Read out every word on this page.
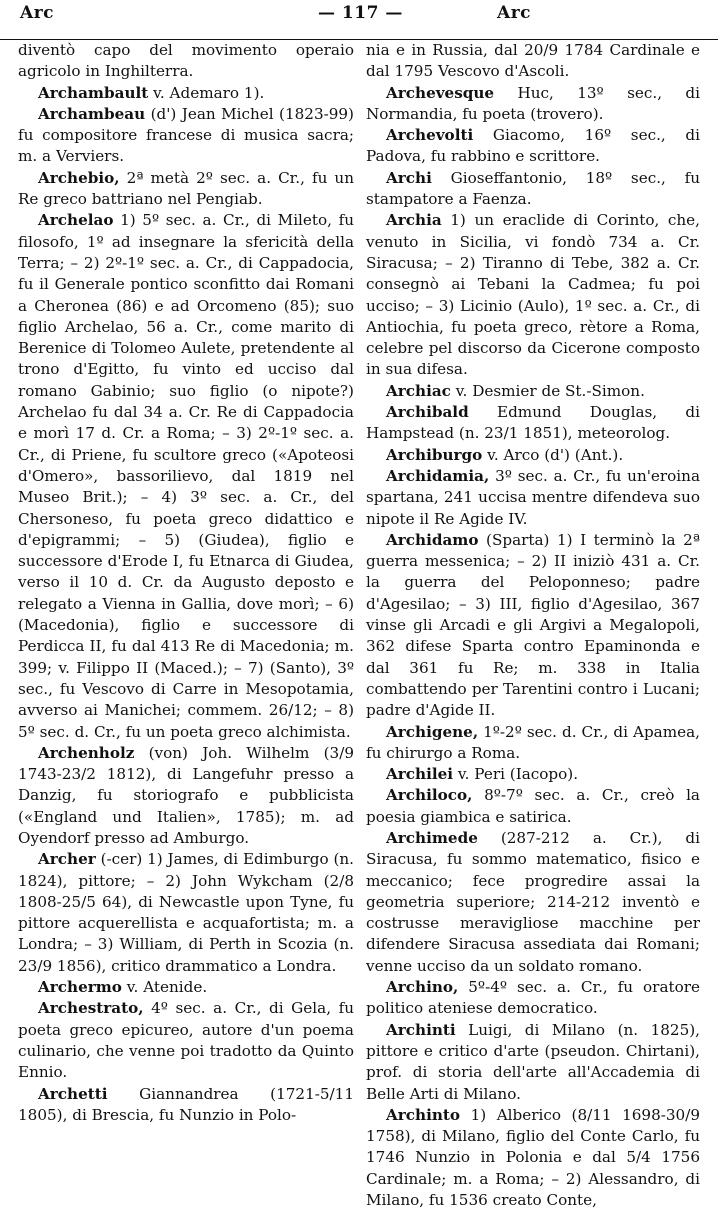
Arc	— 117 —	Arc

diventò capo del movimento operaio agricolo in Inghilterra.

Archambault v. Ademaro 1).

Archambeau (d') Jean Michel (1823-99) fu compositore francese di musica sacra; m. a Verviers.

Archebio, 2ª metà 2º sec. a. Cr., fu un Re greco battriano nel Pengiab.

Archelao 1) 5º sec. a. Cr., di Mileto, fu filosofo, 1º ad insegnare la sfericità della Terra; – 2) 2º-1º sec. a. Cr., di Cappadocia, fu il Generale pontico sconfitto dai Romani a Cheronea (86) e ad Orcomeno (85); suo figlio Archelao, 56 a. Cr., come marito di Berenice di Tolomeo Aulete, pretendente al trono d'Egitto, fu vinto ed ucciso dal romano Gabinio; suo figlio (o nipote?) Archelao fu dal 34 a. Cr. Re di Cappadocia e morì 17 d. Cr. a Roma; – 3) 2º-1º sec. a. Cr., di Priene, fu scultore greco («Apoteosi d'Omero», bassorilievo, dal 1819 nel Museo Brit.); – 4) 3º sec. a. Cr., del Chersoneso, fu poeta greco didattico e d'epigrammi; – 5) (Giudea), figlio e successore d'Erode I, fu Etnarca di Giudea, verso il 10 d. Cr. da Augusto deposto e relegato a Vienna in Gallia, dove morì; – 6) (Macedonia), figlio e successore di Perdicca II, fu dal 413 Re di Macedonia; m. 399; v. Filippo II (Maced.); – 7) (Santo), 3º sec., fu Vescovo di Carre in Mesopotamia, avverso ai Manichei; commem. 26/12; – 8) 5º sec. d. Cr., fu un poeta greco alchimista.

Archenholz (von) Joh. Wilhelm (3/9 1743-23/2 1812), di Langefuhr presso a Danzig, fu storiografo e pubblicista («England und Italien», 1785); m. ad Oyendorf presso ad Amburgo.

Archer (-cer) 1) James, di Edimburgo (n. 1824), pittore; – 2) John Wykcham (2/8 1808-25/5 64), di Newcastle upon Tyne, fu pittore acquerellista e acquafortista; m. a Londra; – 3) William, di Perth in Scozia (n. 23/9 1856), critico drammatico a Londra.

Archermo v. Atenide.

Archestrato, 4º sec. a. Cr., di Gela, fu poeta greco epicureo, autore d'un poema culinario, che venne poi tradotto da Quinto Ennio.

Archetti Giannandrea (1721-5/11 1805), di Brescia, fu Nunzio in Polo-

nia e in Russia, dal 20/9 1784 Cardinale e dal 1795 Vescovo d'Ascoli.

Archevesque Huc, 13º sec., di Normandia, fu poeta (trovero).

Archevolti Giacomo, 16º sec., di Padova, fu rabbino e scrittore.

Archi Gioseffantonio, 18º sec., fu stampatore a Faenza.

Archia 1) un eraclide di Corinto, che, venuto in Sicilia, vi fondò 734 a. Cr. Siracusa; – 2) Tiranno di Tebe, 382 a. Cr. consegnò ai Tebani la Cadmea; fu poi ucciso; – 3) Licinio (Aulo), 1º sec. a. Cr., di Antiochia, fu poeta greco, rètore a Roma, celebre pel discorso da Cicerone composto in sua difesa.

Archiac v. Desmier de St.-Simon.

Archibald Edmund Douglas, di Hampstead (n. 23/1 1851), meteorolog.

Archiburgo v. Arco (d') (Ant.).

Archidamia, 3º sec. a. Cr., fu un'eroina spartana, 241 uccisa mentre difendeva suo nipote il Re Agide IV.

Archidamo (Sparta) 1) I terminò la 2ª guerra messenica; – 2) II iniziò 431 a. Cr. la guerra del Peloponneso; padre d'Agesilao; – 3) III, figlio d'Agesilao, 367 vinse gli Arcadi e gli Argivi a Megalopoli, 362 difese Sparta contro Epaminonda e dal 361 fu Re; m. 338 in Italia combattendo per Tarentini contro i Lucani; padre d'Agide II.

Archigene, 1º-2º sec. d. Cr., di Apamea, fu chirurgo a Roma.

Archilei v. Peri (Iacopo).

Archiloco, 8º-7º sec. a. Cr., creò la poesia giambica e satirica.

Archimede (287-212 a. Cr.), di Siracusa, fu sommo matematico, fisico e meccanico; fece progredire assai la geometria superiore; 214-212 inventò e costrusse meravigliose macchine per difendere Siracusa assediata dai Romani; venne ucciso da un soldato romano.

Archino, 5º-4º sec. a. Cr., fu oratore politico ateniese democratico.

Archinti Luigi, di Milano (n. 1825), pittore e critico d'arte (pseudon. Chirtani), prof. di storia dell'arte all'Accademia di Belle Arti di Milano.

Archinto 1) Alberico (8/11 1698-30/9 1758), di Milano, figlio del Conte Carlo, fu 1746 Nunzio in Polonia e dal 5/4 1756 Cardinale; m. a Roma; – 2) Alessandro, di Milano, fu 1536 creato Conte,
